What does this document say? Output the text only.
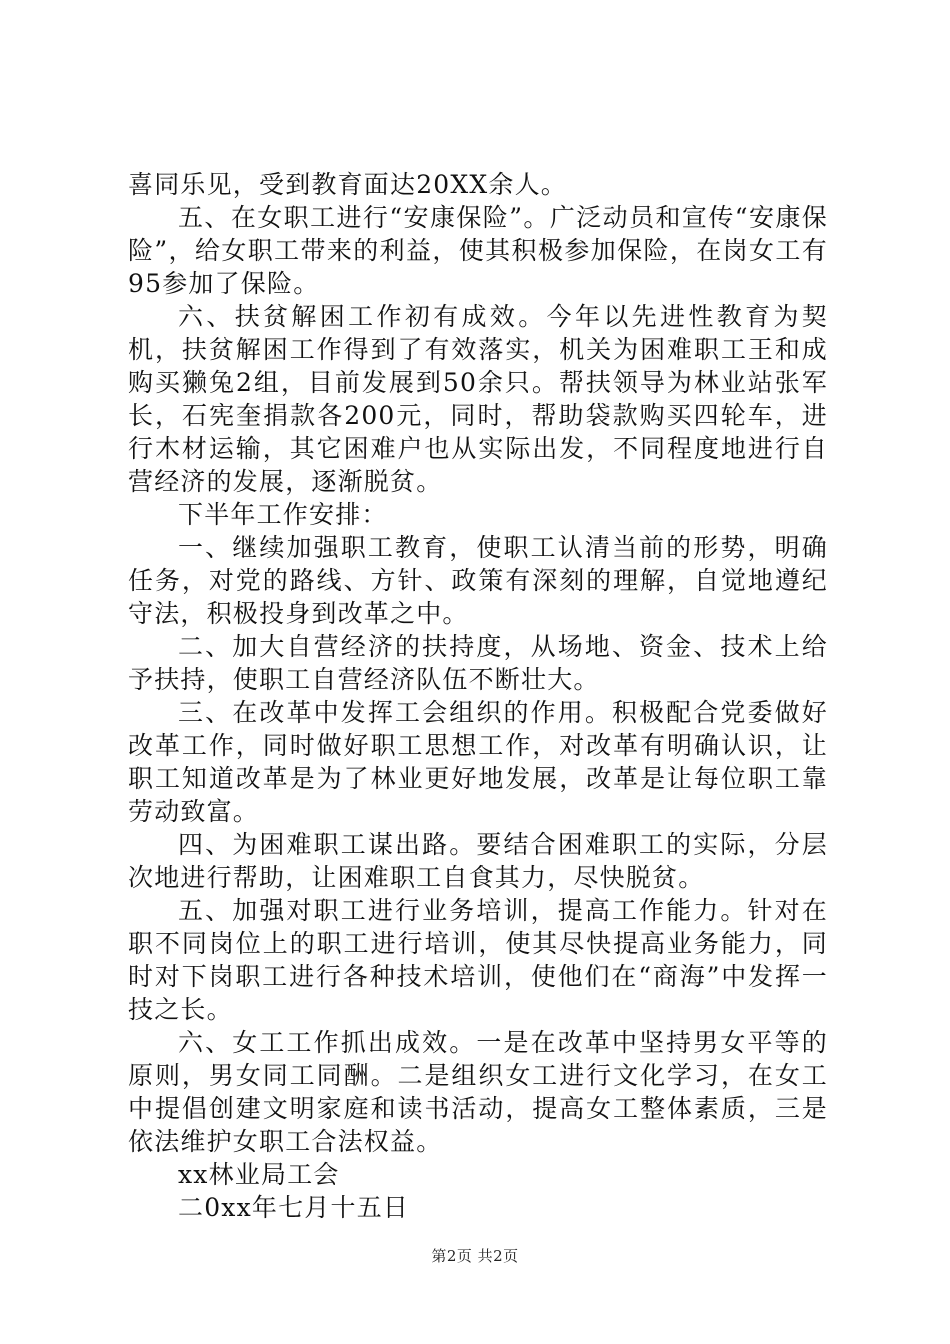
喜同乐见，受到教育面达20XX余人。

五、在女职工进行“安康保险”。广泛动员和宣传“安康保险”，给女职工带来的利益，使其积极参加保险，在岗女工有95参加了保险。

六、扶贫解困工作初有成效。今年以先进性教育为契机，扶贫解困工作得到了有效落实，机关为困难职工王和成购买獭兔2组，目前发展到50余只。帮扶领导为林业站张军长，石宪奎捐款各200元，同时，帮助袋款购买四轮车，进行木材运输，其它困难户也从实际出发，不同程度地进行自营经济的发展，逐渐脱贫。

下半年工作安排：

一、继续加强职工教育，使职工认清当前的形势，明确任务，对党的路线、方针、政策有深刻的理解，自觉地遵纪守法，积极投身到改革之中。

二、加大自营经济的扶持度，从场地、资金、技术上给予扶持，使职工自营经济队伍不断壮大。

三、在改革中发挥工会组织的作用。积极配合党委做好改革工作，同时做好职工思想工作，对改革有明确认识，让职工知道改革是为了林业更好地发展，改革是让每位职工靠劳动致富。

四、为困难职工谋出路。要结合困难职工的实际，分层次地进行帮助，让困难职工自食其力，尽快脱贫。

五、加强对职工进行业务培训，提高工作能力。针对在职不同岗位上的职工进行培训，使其尽快提高业务能力，同时对下岗职工进行各种技术培训，使他们在“商海”中发挥一技之长。

六、女工工作抓出成效。一是在改革中坚持男女平等的原则，男女同工同酬。二是组织女工进行文化学习，在女工中提倡创建文明家庭和读书活动，提高女工整体素质，三是依法维护女职工合法权益。

xx林业局工会

二0xx年七月十五日

第2页 共2页
